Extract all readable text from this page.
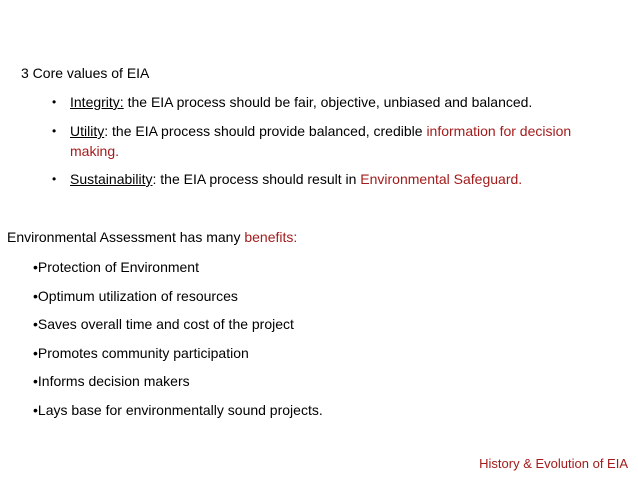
3 Core values of EIA
• Integrity: the EIA process should be fair, objective, unbiased and balanced.
• Utility: the EIA process should provide balanced, credible information for decision making.
• Sustainability: the EIA process should result in Environmental Safeguard.
Environmental Assessment has many benefits:
•Protection of Environment
•Optimum utilization of resources
•Saves overall time and cost of the project
•Promotes community participation
•Informs decision makers
•Lays base for environmentally sound projects.
History & Evolution of EIA
